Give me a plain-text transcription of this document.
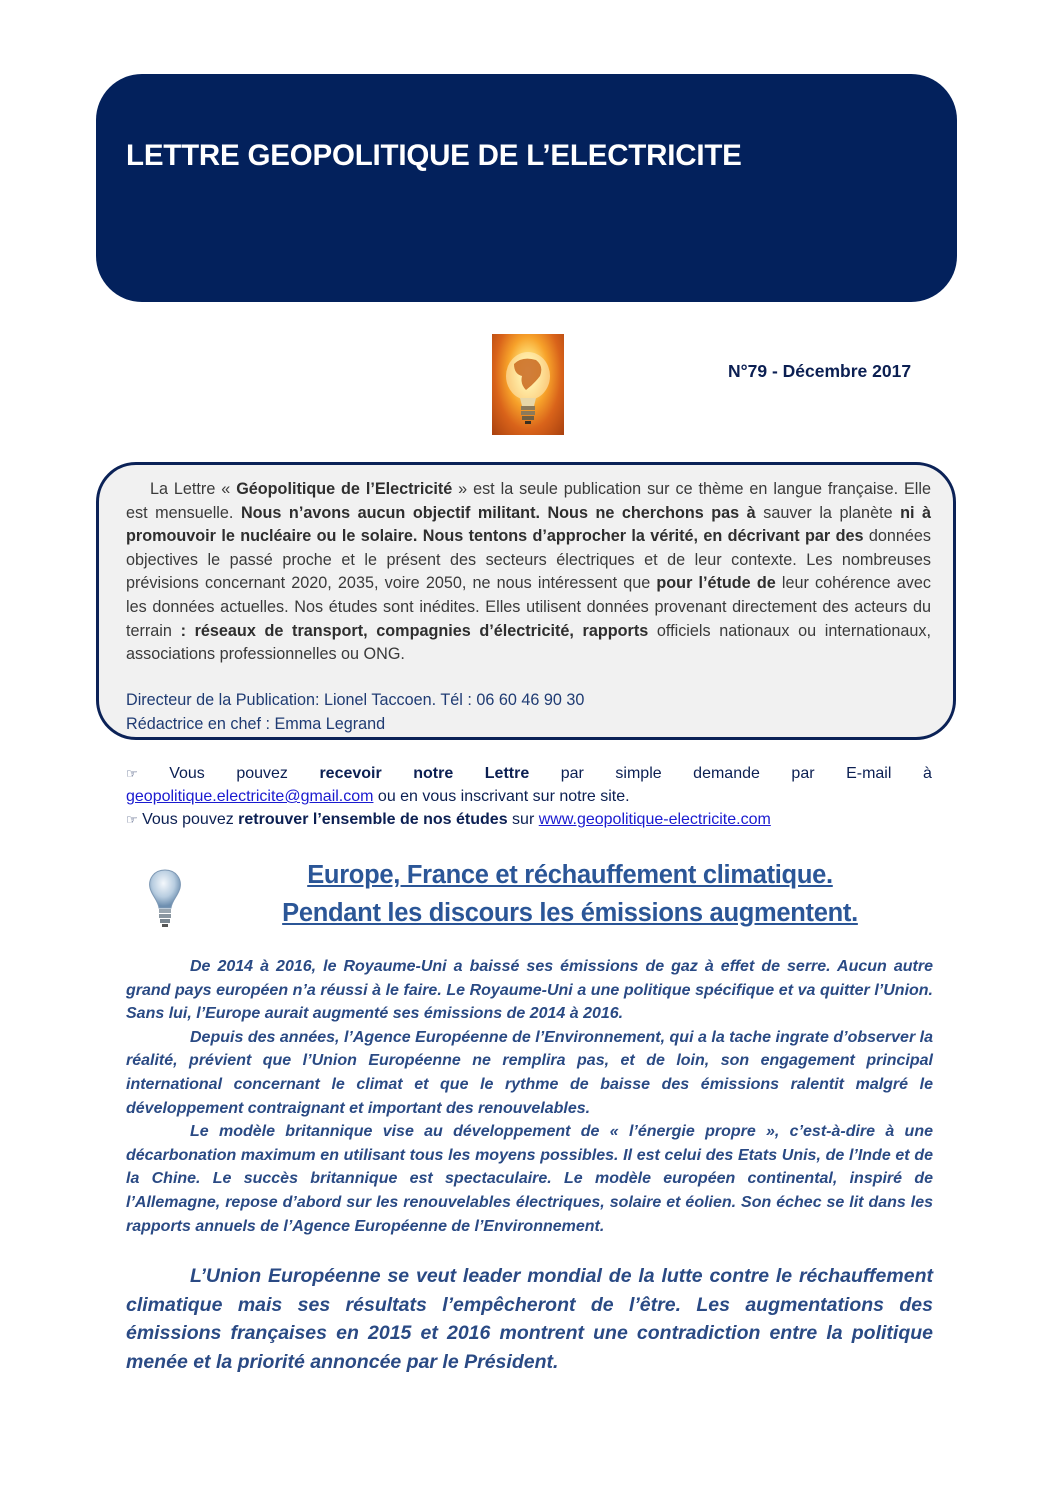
LETTRE GEOPOLITIQUE DE L’ELECTRICITE
N°79 - Décembre 2017
La Lettre « Géopolitique de l’Electricité » est la seule publication sur ce thème en langue française. Elle est mensuelle. Nous n’avons aucun objectif militant. Nous ne cherchons pas à sauver la planète ni à promouvoir le nucléaire ou le solaire. Nous tentons d’approcher la vérité, en décrivant par des données objectives le passé proche et le présent des secteurs électriques et de leur contexte. Les nombreuses prévisions concernant 2020, 2035, voire 2050, ne nous intéressent que pour l’étude de leur cohérence avec les données actuelles. Nos études sont inédites. Elles utilisent données provenant directement des acteurs du terrain : réseaux de transport, compagnies d’électricité, rapports officiels nationaux ou internationaux, associations professionnelles ou ONG.
Directeur de la Publication: Lionel Taccoen. Tél : 06 60 46 90 30
Rédactrice en chef : Emma Legrand
☞ Vous pouvez recevoir notre Lettre par simple demande par E-mail à
geopolitique.electricite@gmail.com ou en vous inscrivant sur notre site.
☞ Vous pouvez retrouver l’ensemble de nos études sur www.geopolitique-electricite.com
Europe, France et réchauffement climatique.
Pendant les discours les émissions augmentent.

De 2014 à 2016, le Royaume-Uni a baissé ses émissions de gaz à effet de serre. Aucun autre grand pays européen n’a réussi à le faire. Le Royaume-Uni a une politique spécifique et va quitter l’Union. Sans lui, l’Europe aurait augmenté ses émissions de 2014 à 2016.

Depuis des années, l’Agence Européenne de l’Environnement, qui a la tache ingrate d’observer la réalité, prévient que l’Union Européenne ne remplira pas, et de loin, son engagement principal international concernant le climat et que le rythme de baisse des émissions ralentit malgré le développement contraignant et important des renouvelables.

Le modèle britannique vise au développement de « l’énergie propre », c’est-à-dire à une décarbonation maximum en utilisant tous les moyens possibles. Il est celui des Etats Unis, de l’Inde et de la Chine. Le succès britannique est spectaculaire. Le modèle européen continental, inspiré de l’Allemagne, repose d’abord sur les renouvelables électriques, solaire et éolien. Son échec se lit dans les rapports annuels de l’Agence Européenne de l’Environnement.

L’Union Européenne se veut leader mondial de la lutte contre le réchauffement climatique mais ses résultats l’empêcheront de l’être. Les augmentations des émissions françaises en 2015 et 2016 montrent une contradiction entre la politique menée et la priorité annoncée par le Président.
